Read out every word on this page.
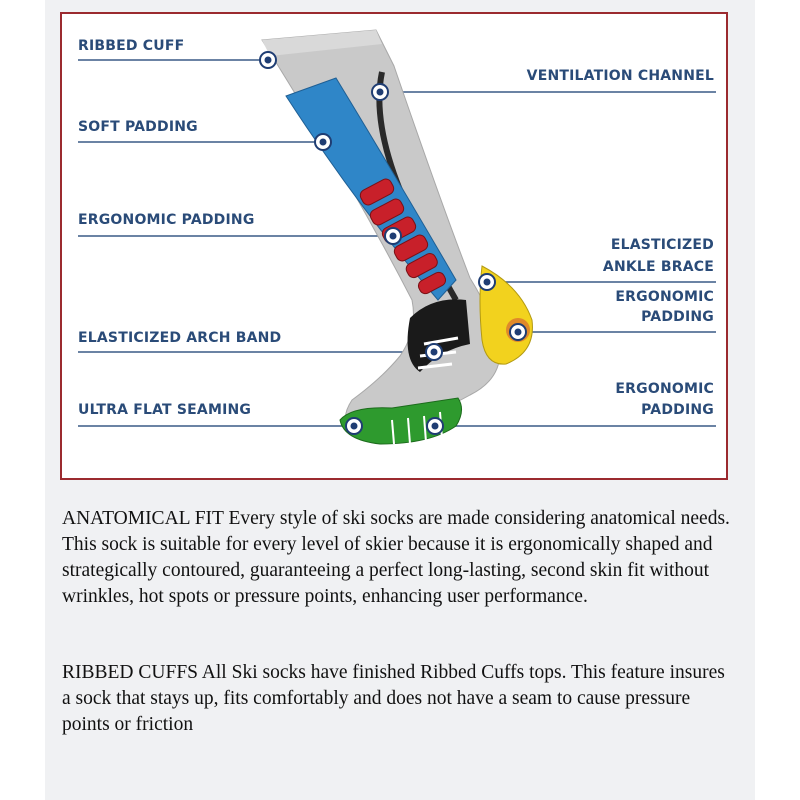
RIBBED CUFF
VENTILATION CHANNEL
SOFT PADDING
ERGONOMIC PADDING
ELASTICIZED
ANKLE BRACE
ERGONOMIC
PADDING
ELASTICIZED ARCH BAND
ERGONOMIC
PADDING
ULTRA FLAT SEAMING
ANATOMICAL FIT Every style of ski socks are made considering anatomical needs. This sock is suitable for every level of skier because it is ergonomically shaped and strategically contoured, guaranteeing a perfect long-lasting, second skin fit without wrinkles, hot spots or pressure points, enhancing user performance.
RIBBED CUFFS All Ski socks have finished Ribbed Cuffs tops. This feature insures a sock that stays up, fits comfortably and does not have a seam to cause pressure points or friction
